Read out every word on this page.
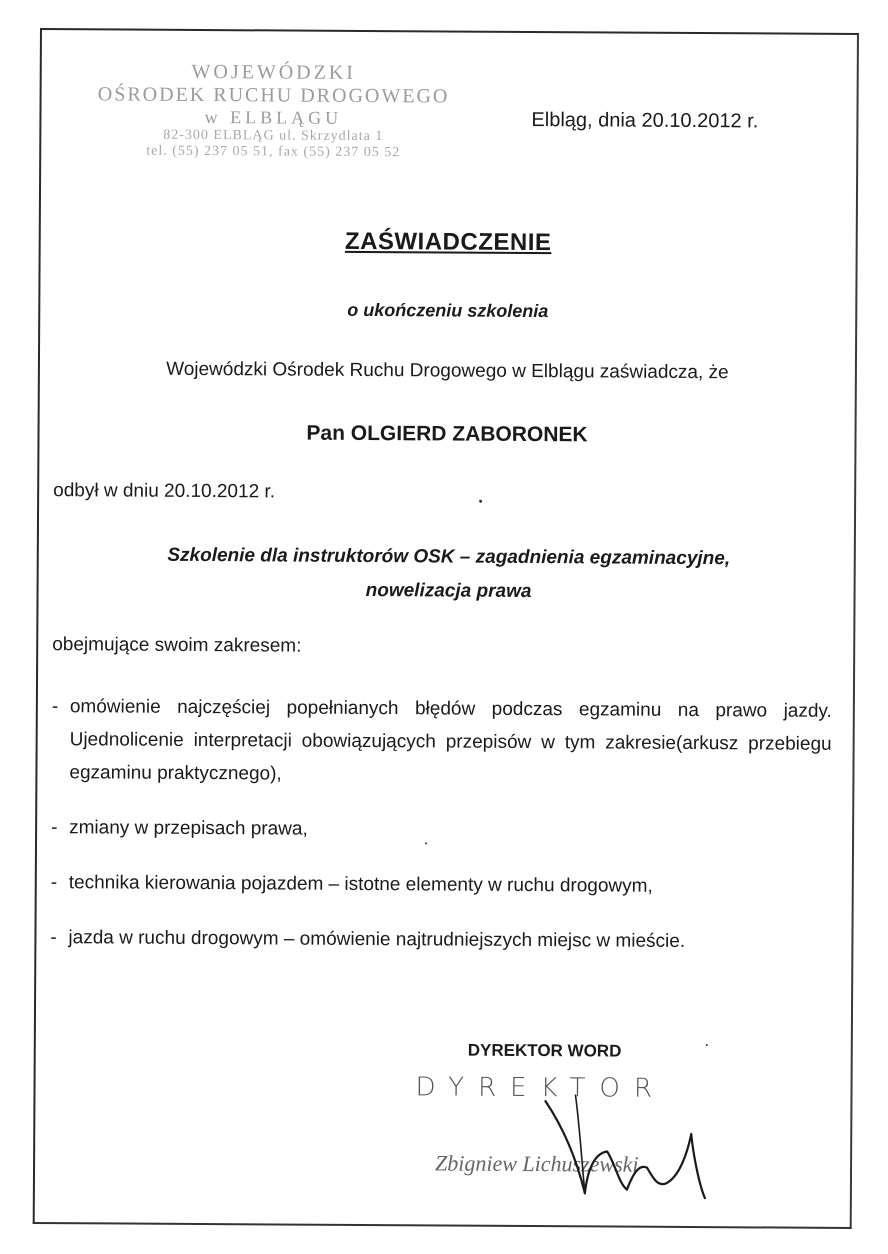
WOJEWÓDZKI
OŚRODEK RUCHU DROGOWEGO
w ELBLĄGU
82-300 ELBLĄG ul. Skrzydlata 1
tel. (55) 237 05 51, fax (55) 237 05 52
Elbląg, dnia 20.10.2012 r.
ZAŚWIADCZENIE
o ukończeniu szkolenia
Wojewódzki Ośrodek Ruchu Drogowego w Elblągu zaświadcza, że
Pan OLGIERD ZABORONEK
odbył w dniu 20.10.2012 r.
Szkolenie dla instruktorów OSK – zagadnienia egzaminacyjne,
nowelizacja prawa
obejmujące swoim zakresem:
- omówienie najczęściej popełnianych błędów podczas egzaminu na prawo jazdy. Ujednolicenie interpretacji obowiązujących przepisów w tym zakresie(arkusz przebiegu egzaminu praktycznego),
- zmiany w przepisach prawa,
- technika kierowania pojazdem – istotne elementy w ruchu drogowym,
- jazda w ruchu drogowym – omówienie najtrudniejszych miejsc w mieście.
DYREKTOR WORD
DYREKTOR
Zbigniew Lichuszewski
